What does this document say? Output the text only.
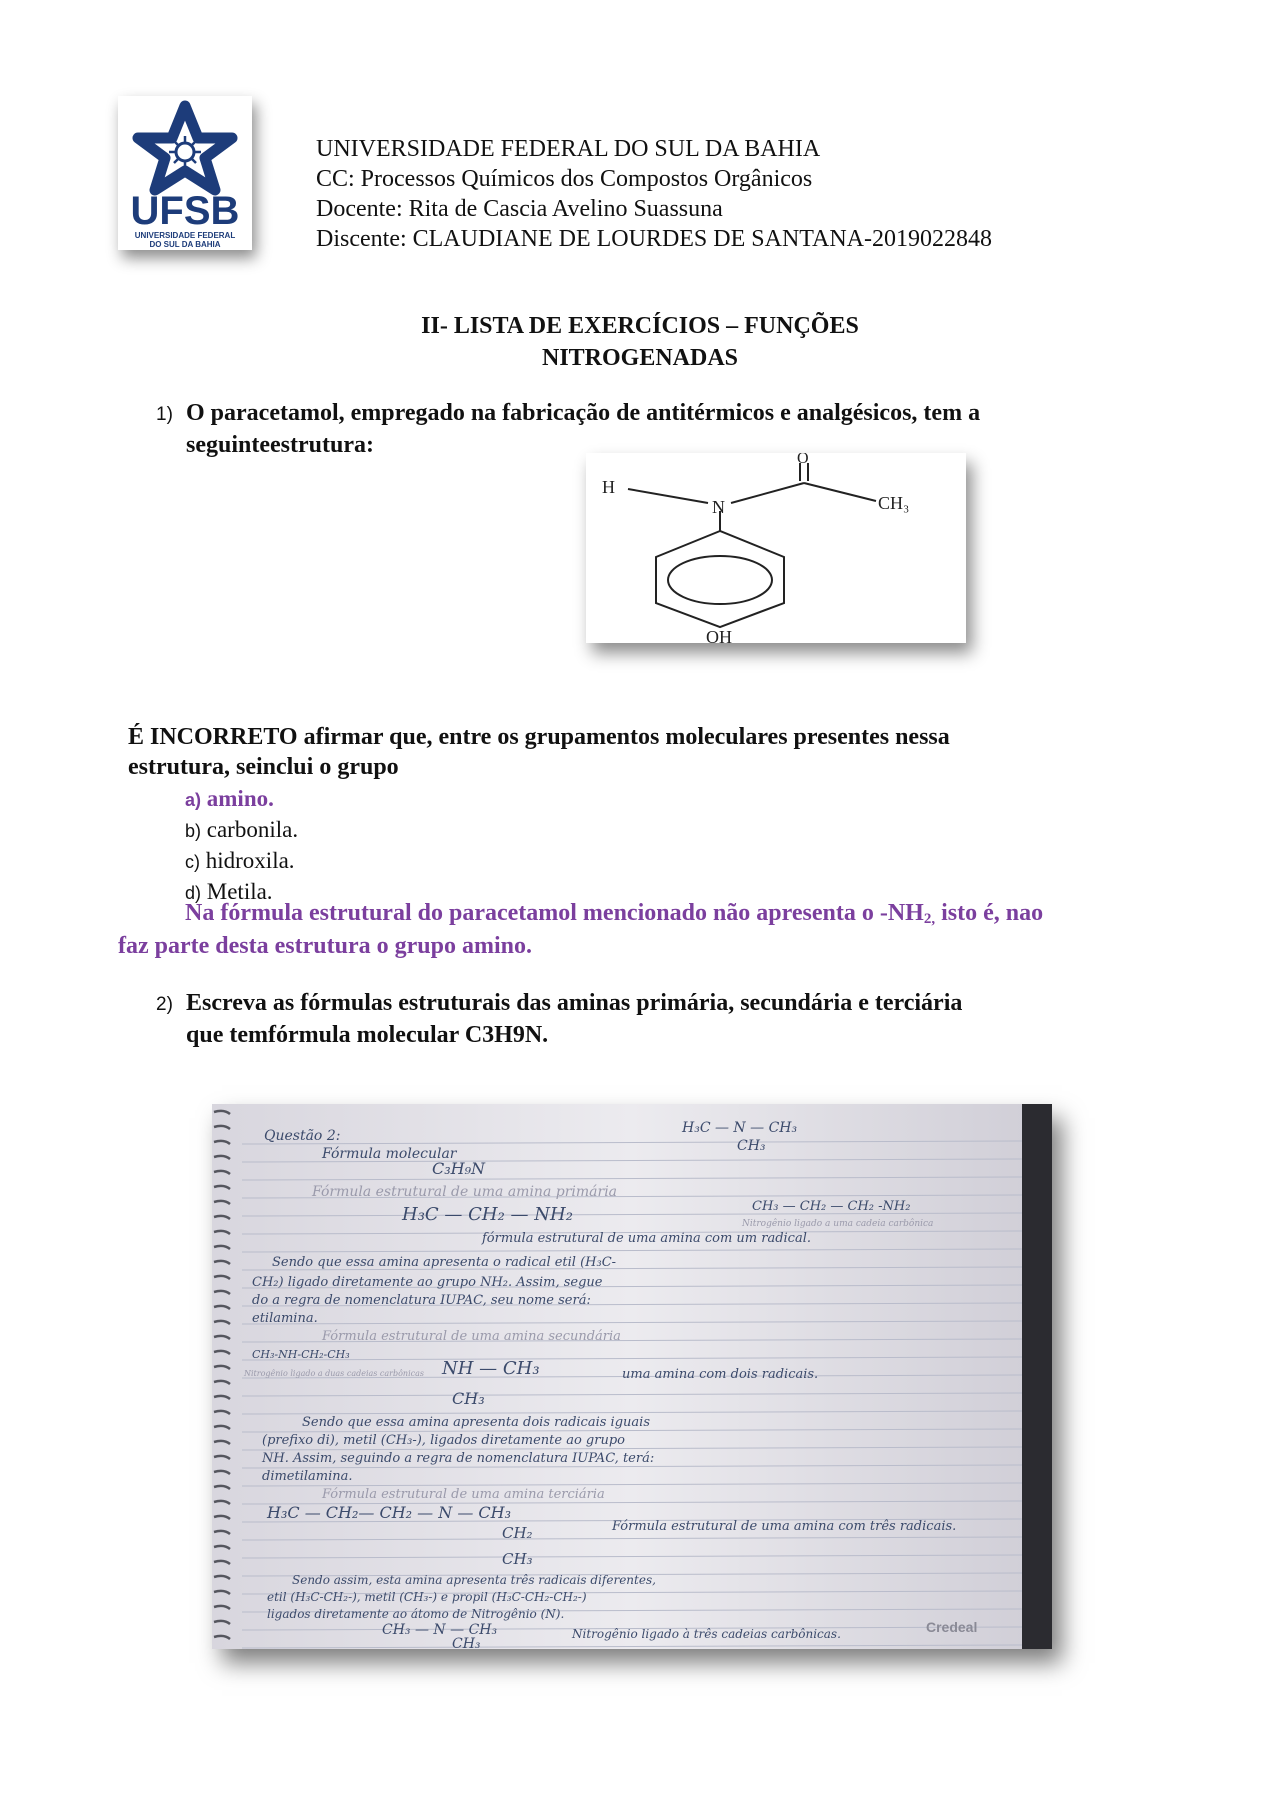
UFSB
UNIVERSIDADE FEDERAL
DO SUL DA BAHIA
UNIVERSIDADE FEDERAL DO SUL DA BAHIA
CC: Processos Químicos dos Compostos Orgânicos
Docente: Rita de Cascia Avelino Suassuna
Discente: CLAUDIANE DE LOURDES DE SANTANA-2019022848
II- LISTA DE EXERCÍCIOS – FUNÇÕES
NITROGENADAS
1) O paracetamol, empregado na fabricação de antitérmicos e analgésicos, tem a
seguinteestrutura:
H
N
O
CH₃
OH
É INCORRETO afirmar que, entre os grupamentos moleculares presentes nessa
estrutura, seinclui o grupo
a) amino.
b) carbonila.
c) hidroxila.
d) Metila.
Na fórmula estrutural do paracetamol mencionado não apresenta o $-NH_{2,}$ isto é, nao
faz parte desta estrutura o grupo amino.
2) Escreva as fórmulas estruturais das aminas primária, secundária e terciária
que temfórmula molecular C3H9N.
Questão 2:	H₃C — N — CH₃
CH₃
Fórmula molecular
C₃H₉N
Fórmula estrutural de uma amina primária
CH₃ — CH₂ — CH₂ -NH₂
H₃C — CH₂ — NH₂	Nitrogênio ligado a uma cadeia carbônica
fórmula estrutural de uma amina com um radical.
Sendo que essa amina apresenta o radical etil (H₃C-
CH₂) ligado diretamente ao grupo NH₂. Assim, segue
do a regra de nomenclatura IUPAC, seu nome será:
etilamina.
Fórmula estrutural de uma amina secundária
CH₃-NH-CH₂-CH₃
NH — CH₃
Nitrogênio ligado a duas cadeias carbônicas	uma amina com dois radicais.
CH₃
Sendo que essa amina apresenta dois radicais iguais
(prefixo di), metil (CH₃-), ligados diretamente ao grupo
NH. Assim, seguindo a regra de nomenclatura IUPAC, terá:
dimetilamina.
Fórmula estrutural de uma amina terciária
H₃C — CH₂— CH₂ — N — CH₃
Fórmula estrutural de uma amina com três radicais.
CH₂
CH₃
Sendo assim, esta amina apresenta três radicais diferentes,
etil (H₃C-CH₂-), metil (CH₃-) e propil (H₃C-CH₂-CH₂-)
ligados diretamente ao átomo de Nitrogênio (N).
CH₃ — N — CH₃	Nitrogênio ligado à três cadeias carbônicas.
CH₃
Credeal
